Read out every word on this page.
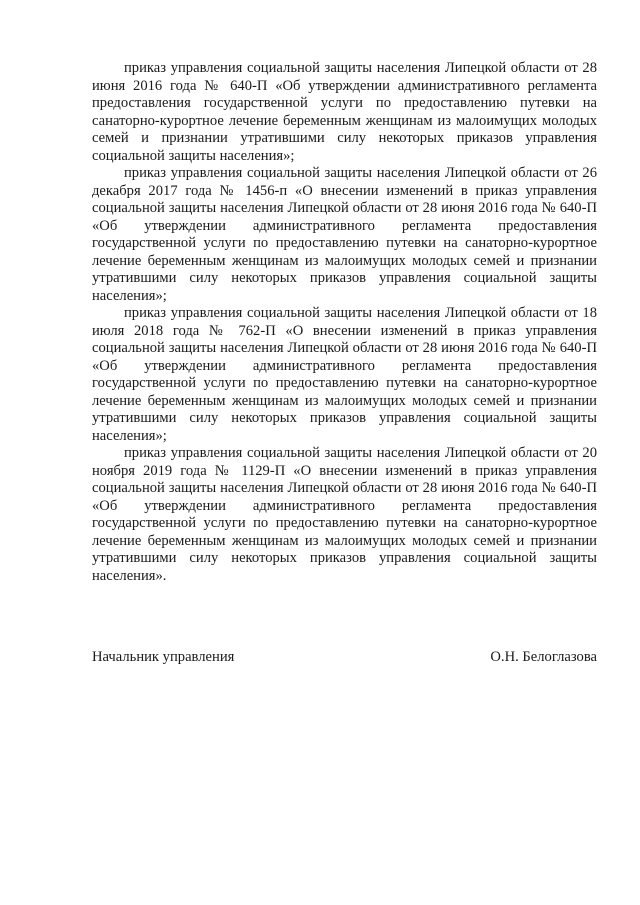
приказ управления социальной защиты населения Липецкой области от 28 июня 2016 года № 640-П «Об утверждении административного регламента предоставления государственной услуги по предоставлению путевки на санаторно-курортное лечение беременным женщинам из малоимущих молодых семей и признании утратившими силу некоторых приказов управления социальной защиты населения»;

приказ управления социальной защиты населения Липецкой области от 26 декабря 2017 года № 1456-п «О внесении изменений в приказ управления социальной защиты населения Липецкой области от 28 июня 2016 года № 640-П «Об утверждении административного регламента предоставления государственной услуги по предоставлению путевки на санаторно-курортное лечение беременным женщинам из малоимущих молодых семей и признании утратившими силу некоторых приказов управления социальной защиты населения»;

приказ управления социальной защиты населения Липецкой области от 18 июля 2018 года № 762-П «О внесении изменений в приказ управления социальной защиты населения Липецкой области от 28 июня 2016 года № 640-П «Об утверждении административного регламента предоставления государственной услуги по предоставлению путевки на санаторно-курортное лечение беременным женщинам из малоимущих молодых семей и признании утратившими силу некоторых приказов управления социальной защиты населения»;

приказ управления социальной защиты населения Липецкой области от 20 ноября 2019 года № 1129-П «О внесении изменений в приказ управления социальной защиты населения Липецкой области от 28 июня 2016 года № 640-П «Об утверждении административного регламента предоставления государственной услуги по предоставлению путевки на санаторно-курортное лечение беременным женщинам из малоимущих молодых семей и признании утратившими силу некоторых приказов управления социальной защиты населения».

Начальник управления	О.Н. Белоглазова
